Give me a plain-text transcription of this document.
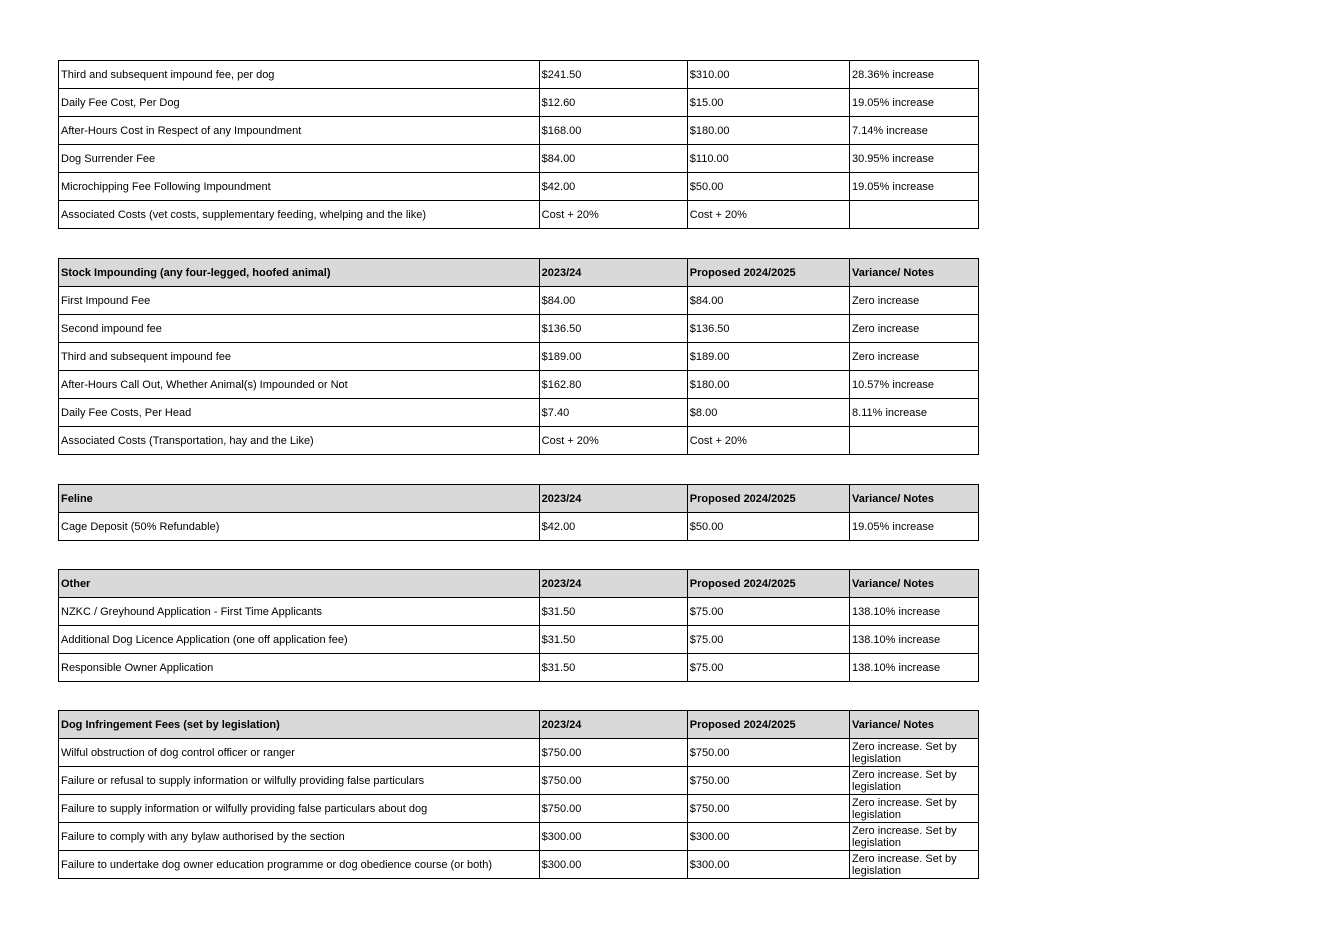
Third and subsequent impound fee, per dog	$241.50	$310.00	28.36% increase
Daily Fee Cost, Per Dog	$12.60	$15.00	19.05% increase
After-Hours Cost in Respect of any Impoundment	$168.00	$180.00	7.14% increase
Dog Surrender Fee	$84.00	$110.00	30.95% increase
Microchipping Fee Following Impoundment	$42.00	$50.00	19.05% increase
Associated Costs (vet costs, supplementary feeding, whelping and the like)	Cost + 20%	Cost + 20%	
Stock Impounding (any four-legged, hoofed animal)	2023/24	Proposed 2024/2025	Variance/ Notes
First Impound Fee	$84.00	$84.00	Zero increase
Second impound fee	$136.50	$136.50	Zero increase
Third and subsequent impound fee	$189.00	$189.00	Zero increase
After-Hours Call Out, Whether Animal(s) Impounded or Not	$162.80	$180.00	10.57% increase
Daily Fee Costs, Per Head	$7.40	$8.00	8.11% increase
Associated Costs (Transportation, hay and the Like)	Cost + 20%	Cost + 20%	
Feline	2023/24	Proposed 2024/2025	Variance/ Notes
Cage Deposit (50% Refundable)	$42.00	$50.00	19.05% increase
Other	2023/24	Proposed 2024/2025	Variance/ Notes
NZKC / Greyhound Application - First Time Applicants	$31.50	$75.00	138.10% increase
Additional Dog Licence Application (one off application fee)	$31.50	$75.00	138.10% increase
Responsible Owner Application	$31.50	$75.00	138.10% increase
Dog Infringement Fees (set by legislation)	2023/24	Proposed 2024/2025	Variance/ Notes
Wilful obstruction of dog control officer or ranger	$750.00	$750.00	Zero increase. Set by legislation
Failure or refusal to supply information or wilfully providing false particulars	$750.00	$750.00	Zero increase. Set by legislation
Failure to supply information or wilfully providing false particulars about dog	$750.00	$750.00	Zero increase. Set by legislation
Failure to comply with any bylaw authorised by the section	$300.00	$300.00	Zero increase. Set by legislation
Failure to undertake dog owner education programme or dog obedience course (or both)	$300.00	$300.00	Zero increase. Set by legislation
